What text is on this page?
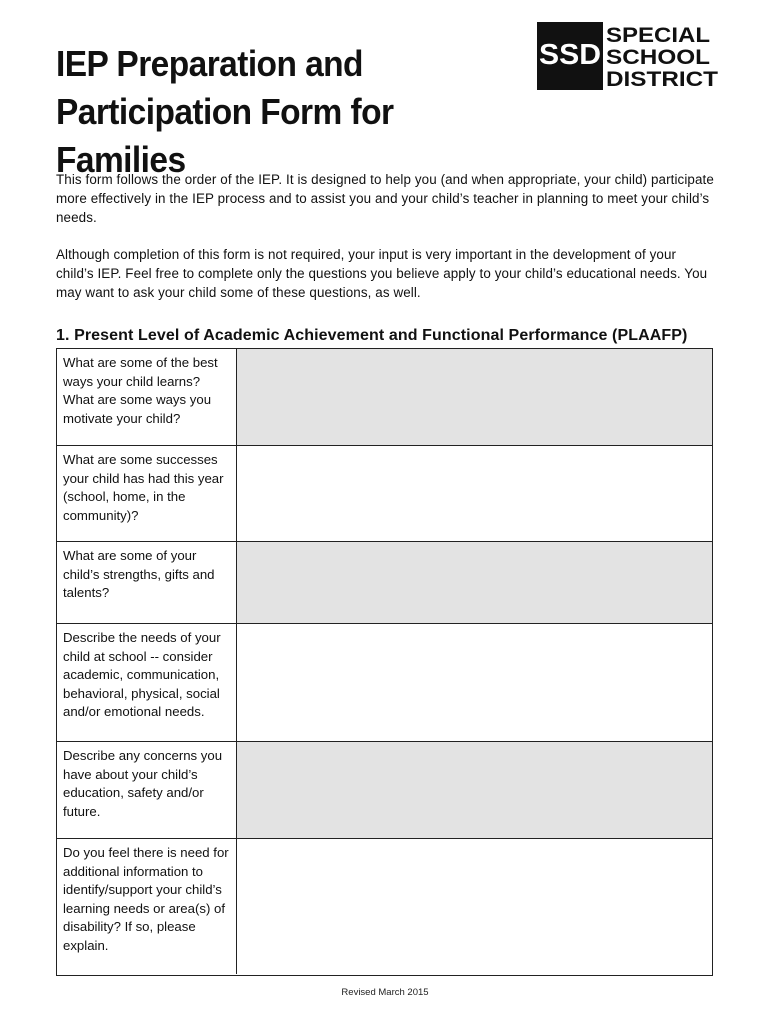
IEP Preparation and
Participation Form for Families
SSD
SPECIAL
SCHOOL
DISTRICT

This form follows the order of the IEP. It is designed to help you (and when appropriate, your child) participate more effectively in the IEP process and to assist you and your child’s teacher in planning to meet your child’s needs.

Although completion of this form is not required, your input is very important in the development of your child’s IEP. Feel free to complete only the questions you believe apply to your child’s educational needs. You may want to ask your child some of these questions, as well.

1. Present Level of Academic Achievement and Functional Performance (PLAAFP)
What are some of the best ways your child learns? What are some ways you motivate your child?
What are some successes your child has had this year (school, home, in the community)?
What are some of your child’s strengths, gifts and talents?
Describe the needs of your child at school -- consider academic, communication, behavioral, physical, social and/or emotional needs.
Describe any concerns you have about your child’s education, safety and/or future.
Do you feel there is need for additional information to identify/support your child’s learning needs or area(s) of disability? If so, please explain.
Revised March 2015
